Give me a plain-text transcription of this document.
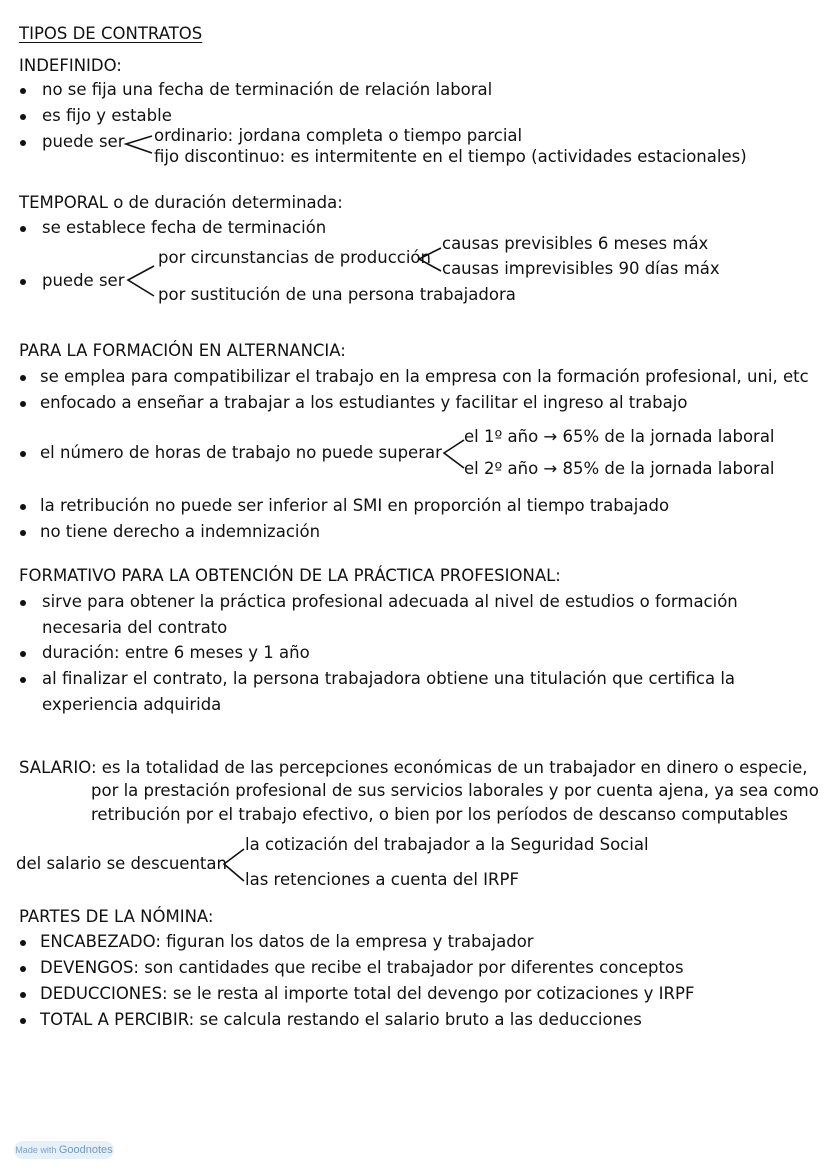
TIPOS DE CONTRATOS
INDEFINIDO:
no se fija una fecha de terminación de relación laboral
es fijo y estable
puede ser ordinario: jordana completa o tiempo parcial
fijo discontinuo: es intermitente en el tiempo (actividades estacionales)
TEMPORAL o de duración determinada:
se establece fecha de terminación
puede ser
por circunstancias de producción
por sustitución de una persona trabajadora
causas previsibles 6 meses máx
causas imprevisibles 90 días máx
PARA LA FORMACIÓN EN ALTERNANCIA:
se emplea para compatibilizar el trabajo en la empresa con la formación profesional, uni, etc
enfocado a enseñar a trabajar a los estudiantes y facilitar el ingreso al trabajo
el número de horas de trabajo no puede superar
el 1º año → 65% de la jornada laboral
el 2º año → 85% de la jornada laboral
la retribución no puede ser inferior al SMI en proporción al tiempo trabajado
no tiene derecho a indemnización
FORMATIVO PARA LA OBTENCIÓN DE LA PRÁCTICA PROFESIONAL:
sirve para obtener la práctica profesional adecuada al nivel de estudios o formación
necesaria del contrato
duración: entre 6 meses y 1 año
al finalizar el contrato, la persona trabajadora obtiene una titulación que certifica la
experiencia adquirida
SALARIO: es la totalidad de las percepciones económicas de un trabajador en dinero o especie,
por la prestación profesional de sus servicios laborales y por cuenta ajena, ya sea como
retribución por el trabajo efectivo, o bien por los períodos de descanso computables
del salario se descuentan
la cotización del trabajador a la Seguridad Social
las retenciones a cuenta del IRPF
PARTES DE LA NÓMINA:
ENCABEZADO: figuran los datos de la empresa y trabajador
DEVENGOS: son cantidades que recibe el trabajador por diferentes conceptos
DEDUCCIONES: se le resta al importe total del devengo por cotizaciones y IRPF
TOTAL A PERCIBIR: se calcula restando el salario bruto a las deducciones
Made with Goodnotes
